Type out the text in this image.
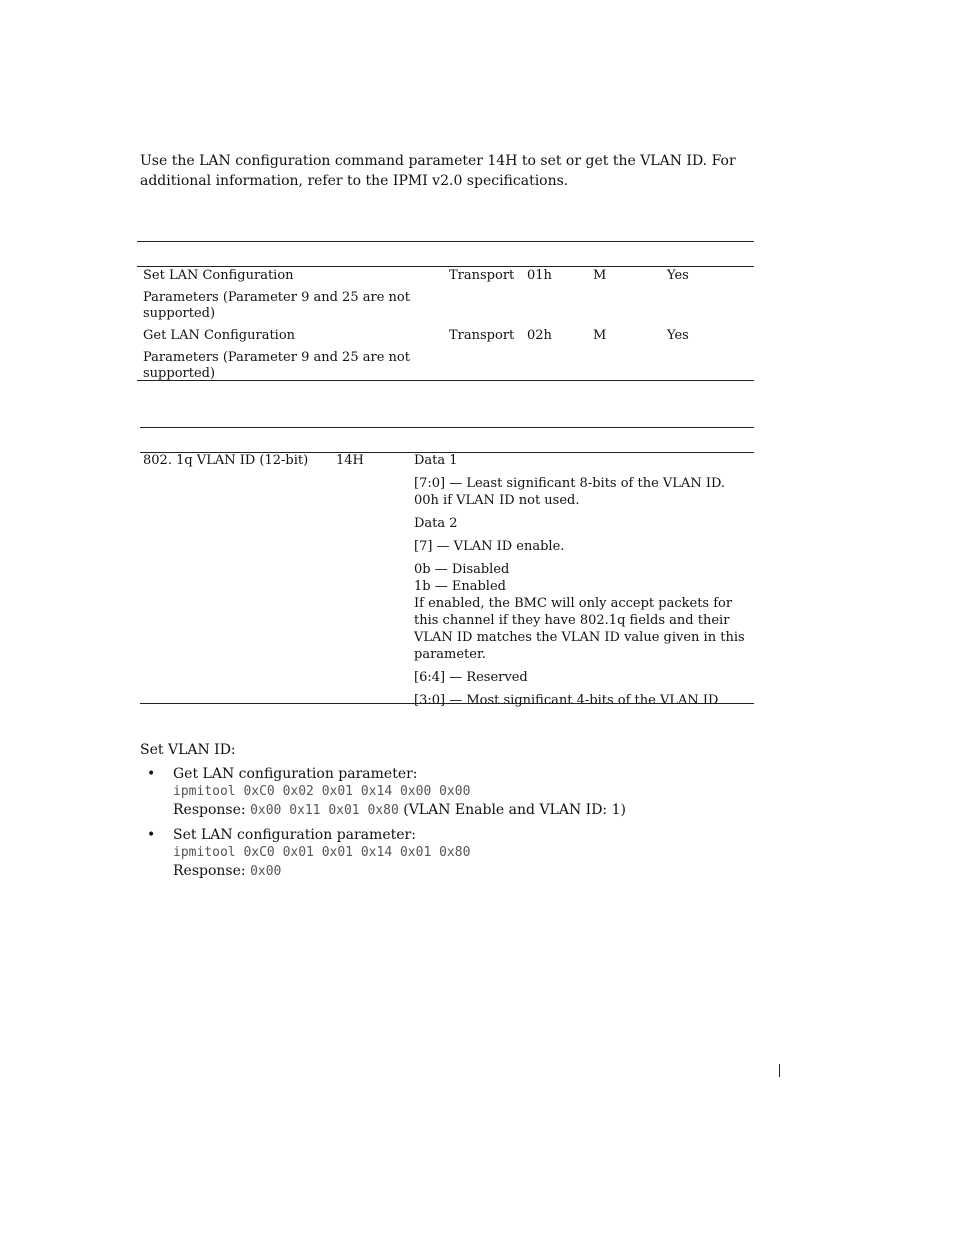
Use the LAN configuration command parameter 14H to set or get the VLAN ID. For
additional information, refer to the IPMI v2.0 specifications.
Set LAN Configuration
Parameters (Parameter 9 and 25 are not supported)
Transport 01h	M	Yes
Get LAN Configuration
Parameters (Parameter 9 and 25 are not supported)
Transport 02h	M	Yes
802. 1q VLAN ID (12-bit) 14H	Data 1

[7:0] — Least significant 8-bits of the VLAN ID. 00h if VLAN ID not used.

Data 2

[7] — VLAN ID enable.

0b — Disabled
1b — Enabled
If enabled, the BMC will only accept packets for this channel if they have 802.1q fields and their VLAN ID matches the VLAN ID value given in this parameter.

[6:4] — Reserved

[3:0] — Most significant 4-bits of the VLAN ID

Set VLAN ID:

• Get LAN configuration parameter:
ipmitool 0xC0 0x02 0x01 0x14 0x00 0x00
Response: 0x00 0x11 0x01 0x80 (VLAN Enable and VLAN ID: 1)
• Set LAN configuration parameter:
ipmitool 0xC0 0x01 0x01 0x14 0x01 0x80
Response: 0x00
